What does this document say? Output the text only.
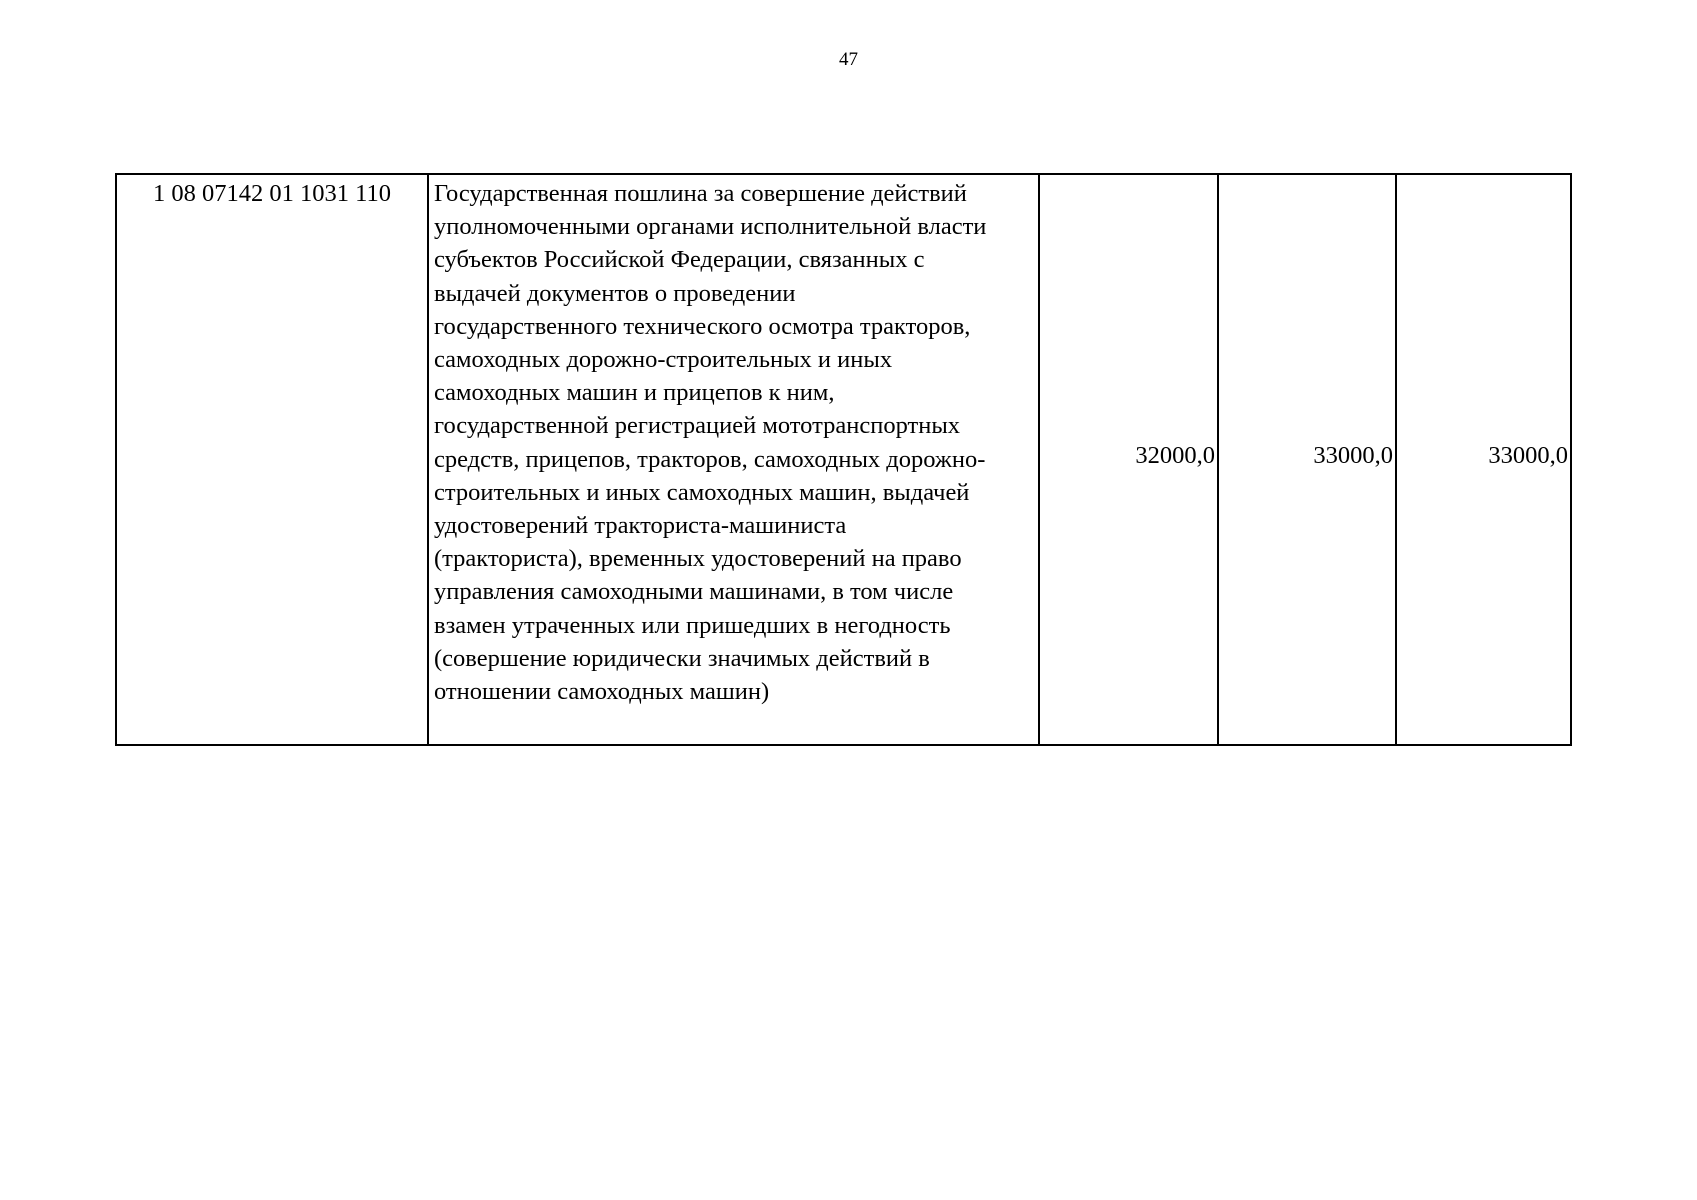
47
1 08 07142 01 1031 110	Государственная пошлина за совершение действий
уполномоченными органами исполнительной власти
субъектов Российской Федерации, связанных с
выдачей документов о проведении
государственного технического осмотра тракторов,
самоходных дорожно-строительных и иных
самоходных машин и прицепов к ним,
государственной регистрацией мототранспортных
средств, прицепов, тракторов, самоходных дорожно-
строительных и иных самоходных машин, выдачей
удостоверений тракториста-машиниста
(тракториста), временных удостоверений на право
управления самоходными машинами, в том числе
взамен утраченных или пришедших в негодность
(совершение юридически значимых действий в
отношении самоходных машин)	32000,0	33000,0	33000,0
